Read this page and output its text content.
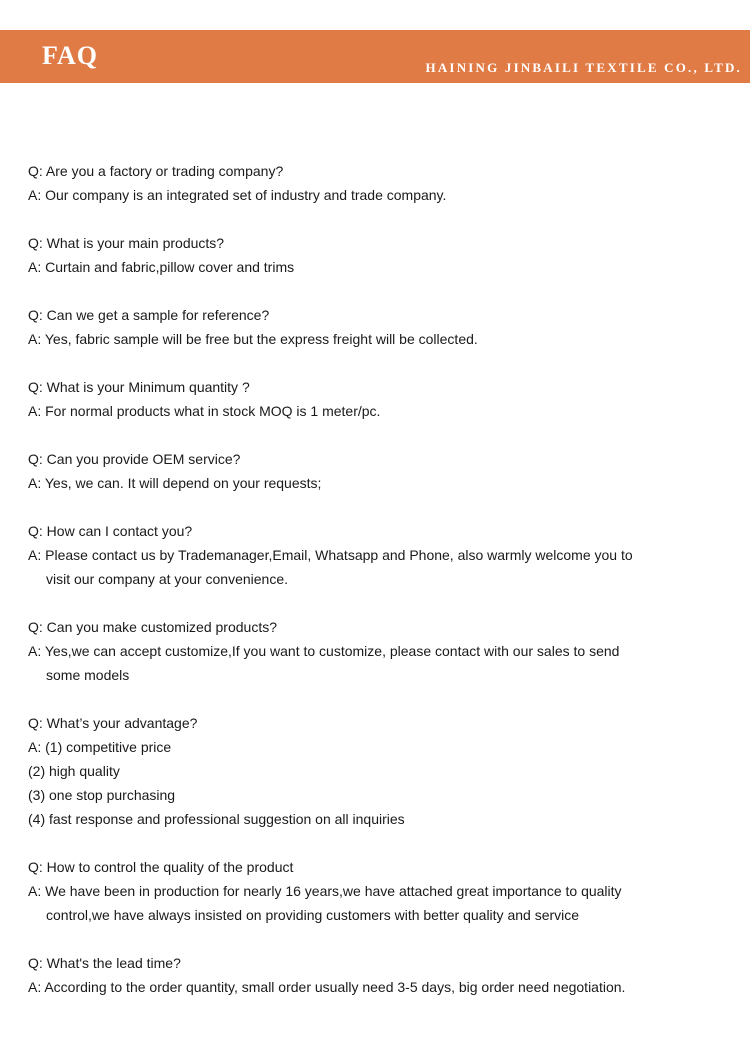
FAQ	HAINING JINBAILI TEXTILE CO., LTD.
Q: Are you a factory or trading company?
A: Our company is an integrated set of industry and trade company.
Q: What is your main products?
A: Curtain and fabric,pillow cover and trims
Q: Can we get a sample for reference?
A: Yes, fabric sample will be free but the express freight will be collected.
Q: What is your Minimum quantity ?
A: For normal products what in stock MOQ is 1 meter/pc.
Q: Can you provide OEM service?
A: Yes, we can. It will depend on your requests;
Q: How can I contact you?
A: Please contact us by Trademanager,Email, Whatsapp and Phone, also warmly welcome you to
visit our company at your convenience.
Q: Can you make customized products?
A: Yes,we can accept customize,If you want to customize, please contact with our sales to send
some models
Q: What’s your advantage?
A: (1) competitive price
(2) high quality
(3) one stop purchasing
(4) fast response and professional suggestion on all inquiries
Q: How to control the quality of the product
A: We have been in production for nearly 16 years,we have attached great importance to quality
control,we have always insisted on providing customers with better quality and service
Q: What's the lead time?
A: According to the order quantity, small order usually need 3-5 days, big order need negotiation.
